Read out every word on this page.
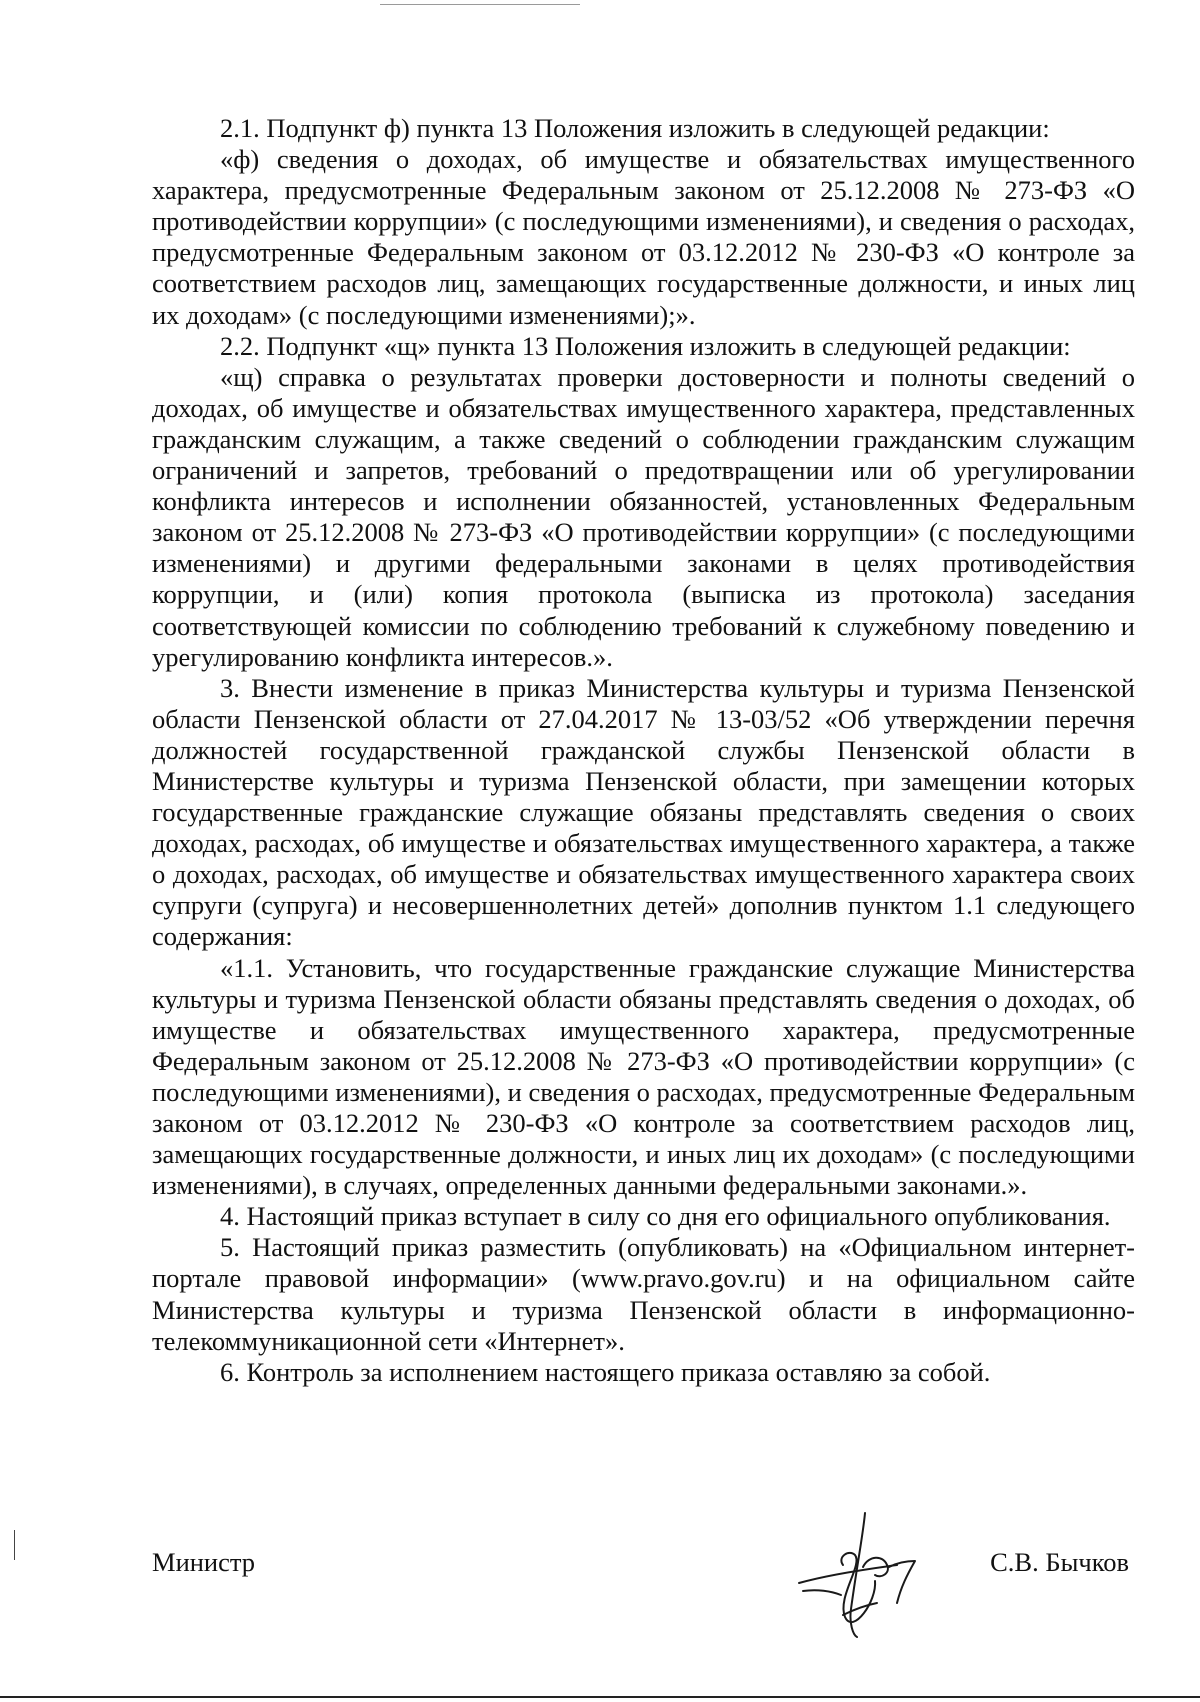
2.1. Подпункт ф) пункта 13 Положения изложить в следующей редакции:

«ф) сведения о доходах, об имуществе и обязательствах имущественного характера, предусмотренные Федеральным законом от 25.12.2008 № 273-ФЗ «О противодействии коррупции» (с последующими изменениями), и сведения о расходах, предусмотренные Федеральным законом от 03.12.2012 № 230-ФЗ «О контроле за соответствием расходов лиц, замещающих государственные должности, и иных лиц их доходам» (с последующими изменениями);».

2.2. Подпункт «щ» пункта 13 Положения изложить в следующей редакции:

«щ) справка о результатах проверки достоверности и полноты сведений о доходах, об имуществе и обязательствах имущественного характера, представленных гражданским служащим, а также сведений о соблюдении гражданским служащим ограничений и запретов, требований о предотвращении или об урегулировании конфликта интересов и исполнении обязанностей, установленных Федеральным законом от 25.12.2008 № 273-ФЗ «О противодействии коррупции» (с последующими изменениями) и другими федеральными законами в целях противодействия коррупции, и (или) копия протокола (выписка из протокола) заседания соответствующей комиссии по соблюдению требований к служебному поведению и урегулированию конфликта интересов.».

3. Внести изменение в приказ Министерства культуры и туризма Пензенской области Пензенской области от 27.04.2017 № 13-03/52 «Об утверждении перечня должностей государственной гражданской службы Пензенской области в Министерстве культуры и туризма Пензенской области, при замещении которых государственные гражданские служащие обязаны представлять сведения о своих доходах, расходах, об имуществе и обязательствах имущественного характера, а также о доходах, расходах, об имуществе и обязательствах имущественного характера своих супруги (супруга) и несовершеннолетних детей» дополнив пунктом 1.1 следующего содержания:

«1.1. Установить, что государственные гражданские служащие Министерства культуры и туризма Пензенской области обязаны представлять сведения о доходах, об имуществе и обязательствах имущественного характера, предусмотренные Федеральным законом от 25.12.2008 № 273-ФЗ «О противодействии коррупции» (с последующими изменениями), и сведения о расходах, предусмотренные Федеральным законом от 03.12.2012 № 230-ФЗ «О контроле за соответствием расходов лиц, замещающих государственные должности, и иных лиц их доходам» (с последующими изменениями), в случаях, определенных данными федеральными законами.».

4. Настоящий приказ вступает в силу со дня его официального опубликования.

5. Настоящий приказ разместить (опубликовать) на «Официальном интернет-портале правовой информации» (www.pravo.gov.ru) и на официальном сайте Министерства культуры и туризма Пензенской области в информационно-телекоммуникационной сети «Интернет».

6. Контроль за исполнением настоящего приказа оставляю за собой.

Министр	С.В. Бычков
